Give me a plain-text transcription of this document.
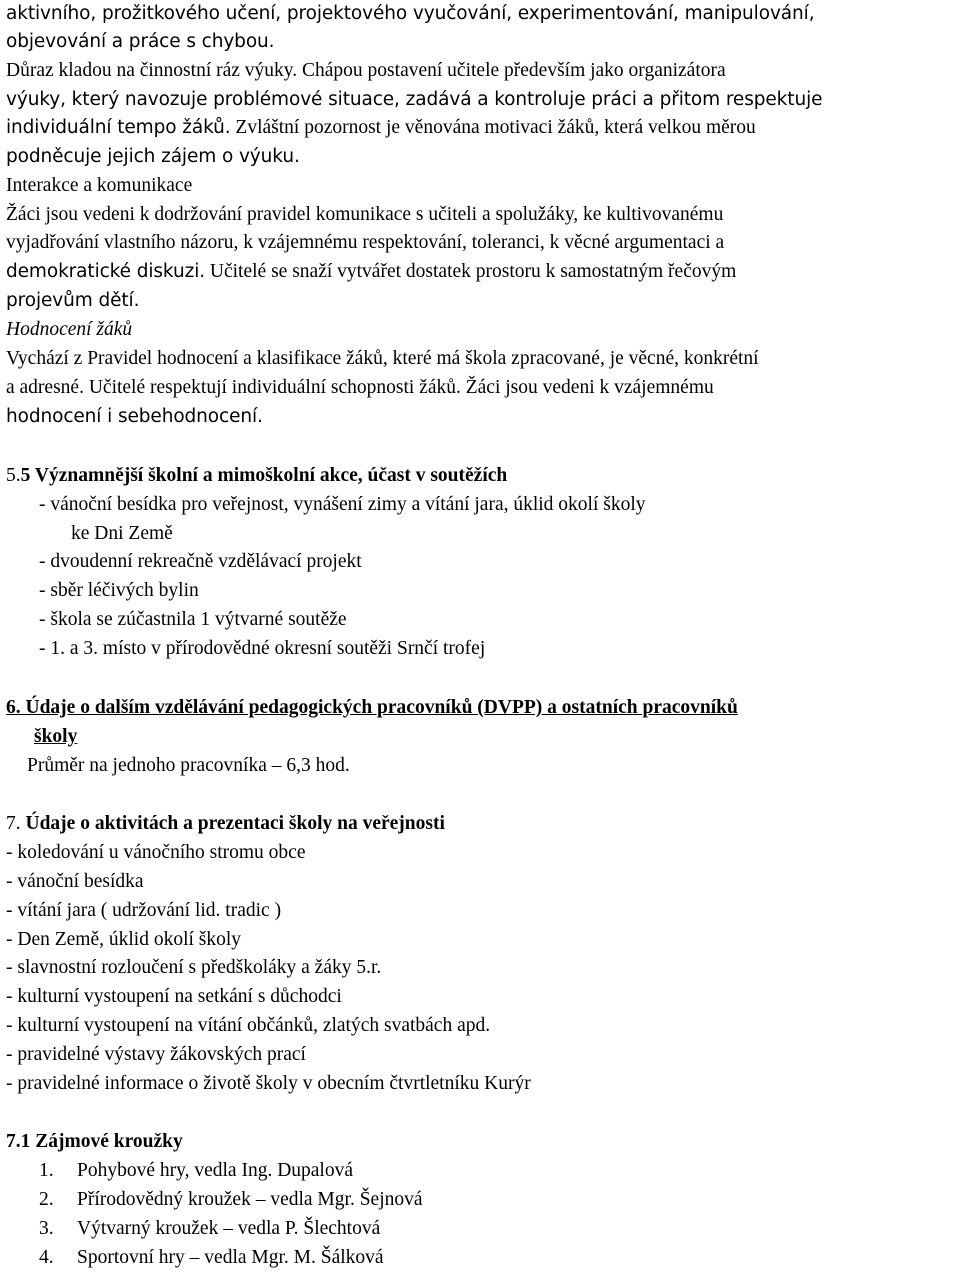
aktivního, prožitkového učení, projektového vyučování, experimentování, manipulování,
objevování a práce s chybou.
Důraz kladou na činnostní ráz výuky. Chápou postavení učitele především jako organizátora
výuky, který navozuje problémové situace, zadává a kontroluje práci a přitom respektuje
individuální tempo žáků. Zvláštní pozornost je věnována motivaci žáků, která velkou měrou
podněcuje jejich zájem o výuku.
Interakce a komunikace
Žáci jsou vedeni k dodržování pravidel komunikace s učiteli a spolužáky, ke kultivovanému
vyjadřování vlastního názoru, k vzájemnému respektování, toleranci, k věcné argumentaci a
demokratické diskuzi. Učitelé se snaží vytvářet dostatek prostoru k samostatným řečovým
projevům dětí.
Hodnocení žáků
Vychází z Pravidel hodnocení a klasifikace žáků, které má škola zpracované, je věcné, konkrétní
a adresné. Učitelé respektují individuální schopnosti žáků. Žáci jsou vedeni k vzájemnému
hodnocení i sebehodnocení.
5.5 Významnější školní a mimoškolní akce, účast v soutěžích
- vánoční besídka pro veřejnost, vynášení zimy a vítání jara, úklid okolí školy
ke Dni Země
- dvoudenní rekreačně vzdělávací projekt
- sběr léčivých bylin
- škola se zúčastnila 1 výtvarné soutěže
- 1. a 3. místo v přírodovědné okresní soutěži Srnčí trofej
6. Údaje o dalším vzdělávání pedagogických pracovníků (DVPP) a ostatních pracovníků
školy
Průměr na jednoho pracovníka – 6,3 hod.
7. Údaje o aktivitách a prezentaci školy na veřejnosti
- koledování u vánočního stromu obce
- vánoční besídka
- vítání jara ( udržování lid. tradic )
- Den Země, úklid okolí školy
- slavnostní rozloučení s předškoláky a žáky 5.r.
- kulturní vystoupení na setkání s důchodci
- kulturní vystoupení na vítání občánků, zlatých svatbách apd.
- pravidelné výstavy žákovských prací
- pravidelné informace o životě školy v obecním čtvrtletníku Kurýr
7.1 Zájmové kroužky
1. Pohybové hry, vedla Ing. Dupalová
2. Přírodovědný kroužek – vedla Mgr. Šejnová
3. Výtvarný kroužek – vedla P. Šlechtová
4. Sportovní hry – vedla Mgr. M. Šálková
